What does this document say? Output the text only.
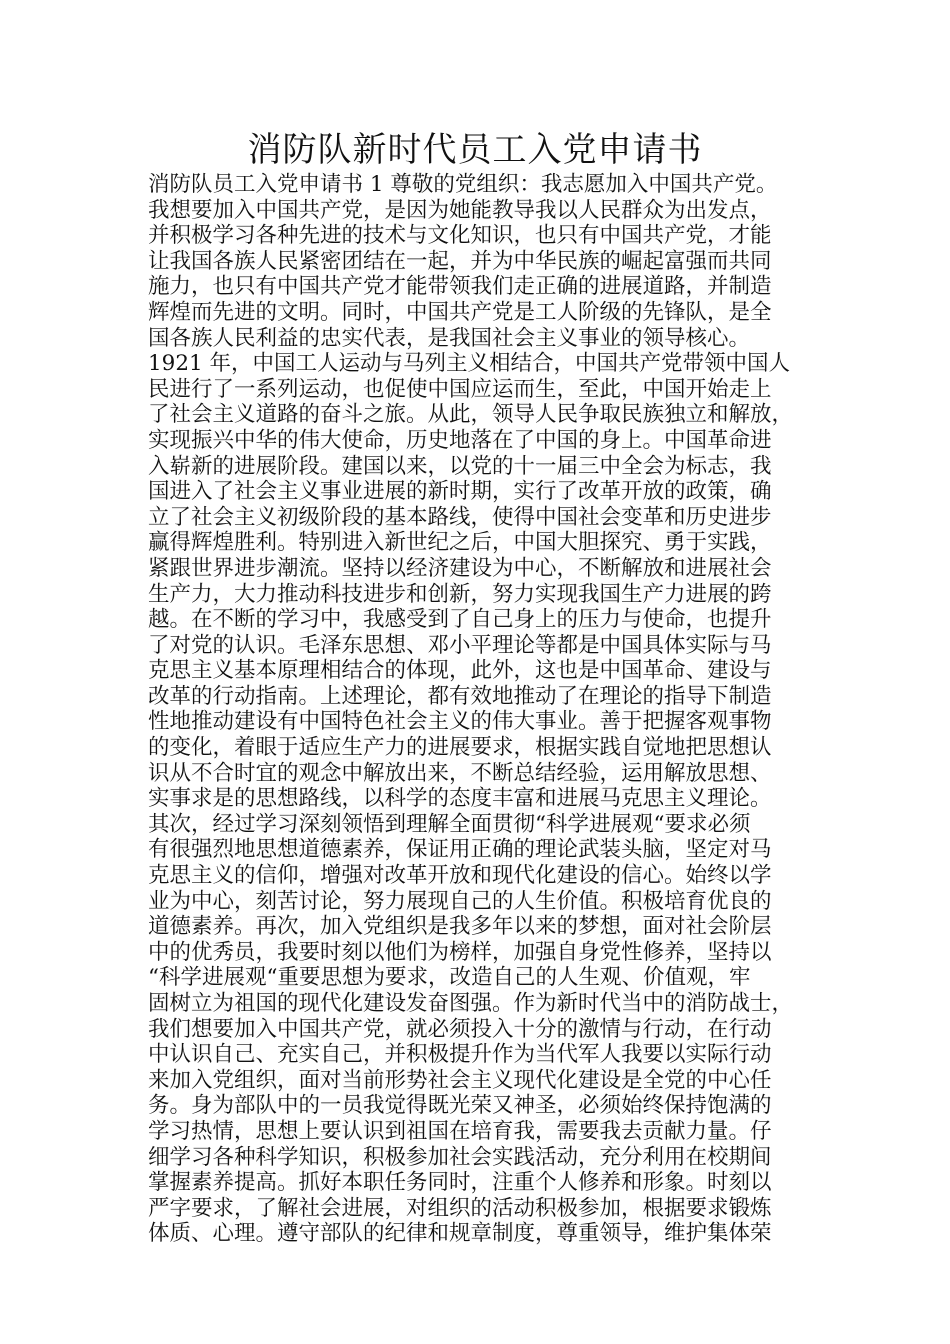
消防队新时代员工入党申请书
消防队员工入党申请书 1 尊敬的党组织：我志愿加入中国共产党。
我想要加入中国共产党，是因为她能教导我以人民群众为出发点，
并积极学习各种先进的技术与文化知识，也只有中国共产党，才能
让我国各族人民紧密团结在一起，并为中华民族的崛起富强而共同
施力，也只有中国共产党才能带领我们走正确的进展道路，并制造
辉煌而先进的文明。同时，中国共产党是工人阶级的先锋队，是全
国各族人民利益的忠实代表，是我国社会主义事业的领导核心。
1921 年，中国工人运动与马列主义相结合，中国共产党带领中国人
民进行了一系列运动，也促使中国应运而生，至此，中国开始走上
了社会主义道路的奋斗之旅。从此，领导人民争取民族独立和解放，
实现振兴中华的伟大使命，历史地落在了中国的身上。中国革命进
入崭新的进展阶段。建国以来，以党的十一届三中全会为标志，我
国进入了社会主义事业进展的新时期，实行了改革开放的政策，确
立了社会主义初级阶段的基本路线，使得中国社会变革和历史进步
赢得辉煌胜利。特别进入新世纪之后，中国大胆探究、勇于实践，
紧跟世界进步潮流。坚持以经济建设为中心，不断解放和进展社会
生产力，大力推动科技进步和创新，努力实现我国生产力进展的跨
越。在不断的学习中，我感受到了自己身上的压力与使命，也提升
了对党的认识。毛泽东思想、邓小平理论等都是中国具体实际与马
克思主义基本原理相结合的体现，此外，这也是中国革命、建设与
改革的行动指南。上述理论，都有效地推动了在理论的指导下制造
性地推动建设有中国特色社会主义的伟大事业。善于把握客观事物
的变化，着眼于适应生产力的进展要求，根据实践自觉地把思想认
识从不合时宜的观念中解放出来，不断总结经验，运用解放思想、
实事求是的思想路线，以科学的态度丰富和进展马克思主义理论。
其次，经过学习深刻领悟到理解全面贯彻“科学进展观“要求必须
有很强烈地思想道德素养，保证用正确的理论武装头脑，坚定对马
克思主义的信仰，增强对改革开放和现代化建设的信心。始终以学
业为中心，刻苦讨论，努力展现自己的人生价值。积极培育优良的
道德素养。再次，加入党组织是我多年以来的梦想，面对社会阶层
中的优秀员，我要时刻以他们为榜样，加强自身党性修养，坚持以
“科学进展观“重要思想为要求，改造自己的人生观、价值观，牢
固树立为祖国的现代化建设发奋图强。作为新时代当中的消防战士，
我们想要加入中国共产党，就必须投入十分的激情与行动，在行动
中认识自己、充实自己，并积极提升作为当代军人我要以实际行动
来加入党组织，面对当前形势社会主义现代化建设是全党的中心任
务。身为部队中的一员我觉得既光荣又神圣，必须始终保持饱满的
学习热情，思想上要认识到祖国在培育我，需要我去贡献力量。仔
细学习各种科学知识，积极参加社会实践活动，充分利用在校期间
掌握素养提高。抓好本职任务同时，注重个人修养和形象。时刻以
严字要求，了解社会进展，对组织的活动积极参加，根据要求锻炼
体质、心理。遵守部队的纪律和规章制度，尊重领导，维护集体荣
